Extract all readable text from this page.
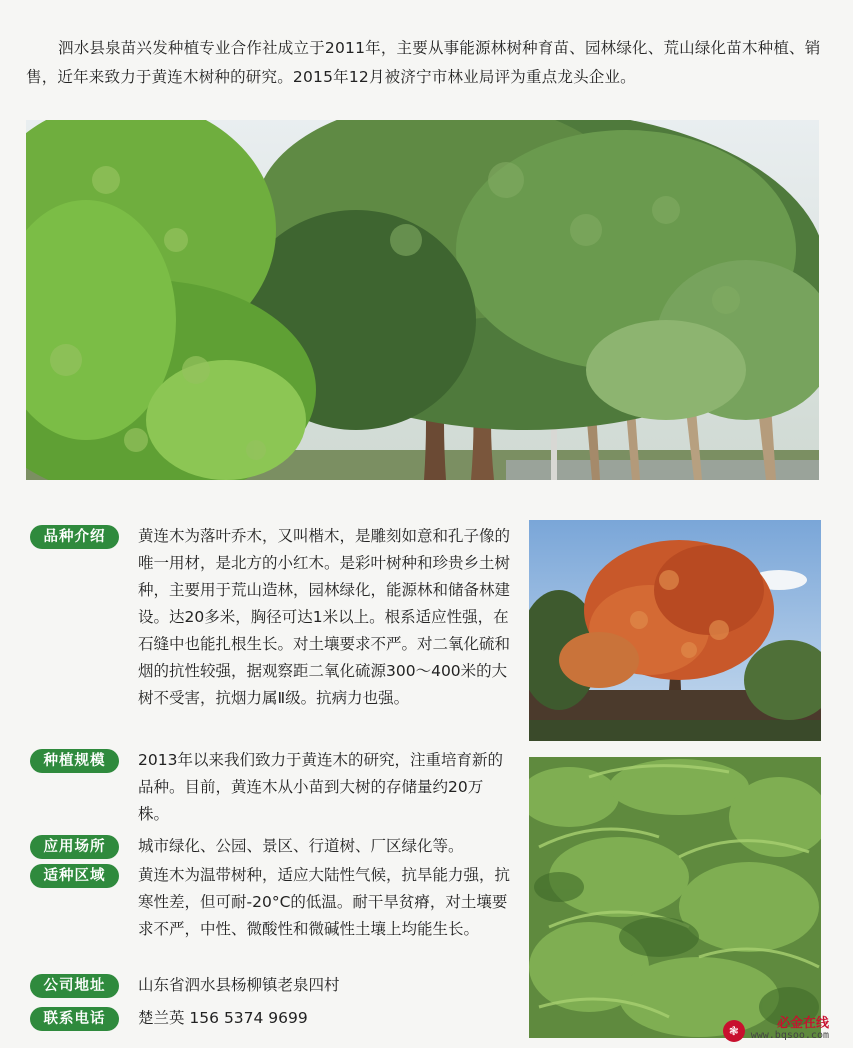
泗水县泉苗兴发种植专业合作社成立于2011年，主要从事能源林树种育苗、园林绿化、荒山绿化苗木种植、销售，近年来致力于黄连木树种的研究。2015年12月被济宁市林业局评为重点龙头企业。

品种介绍	黄连木为落叶乔木，又叫楷木，是雕刻如意和孔子像的唯一用材，是北方的小红木。是彩叶树种和珍贵乡土树种，主要用于荒山造林，园林绿化，能源林和储备林建设。达20多米，胸径可达1米以上。根系适应性强，在石缝中也能扎根生长。对土壤要求不严。对二氧化硫和烟的抗性较强，据观察距二氧化硫源300～400米的大树不受害，抗烟力属Ⅱ级。抗病力也强。

种植规模	2013年以来我们致力于黄连木的研究，注重培育新的品种。目前，黄连木从小苗到大树的存储量约20万株。

应用场所	城市绿化、公园、景区、行道树、厂区绿化等。

适种区域	黄连木为温带树种，适应大陆性气候，抗旱能力强，抗寒性差，但可耐-20°C的低温。耐干旱贫瘠，对土壤要求不严，中性、微酸性和微碱性土壤上均能生长。

公司地址	山东省泗水县杨柳镇老泉四村

联系电话	楚兰英 156 5374 9699

❃	必金在线
www.bqsoo.com
